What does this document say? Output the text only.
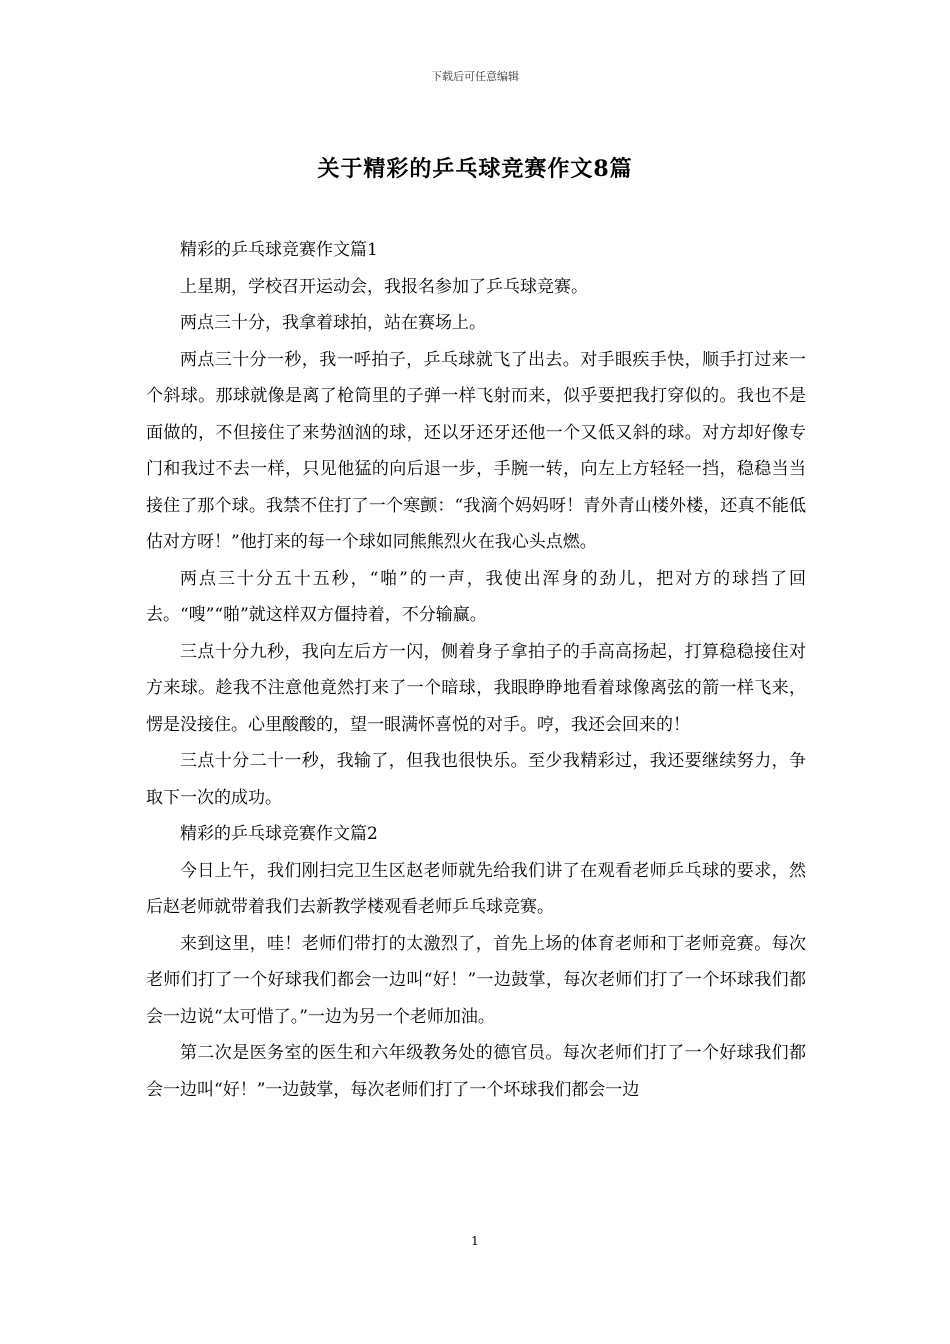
下载后可任意编辑
关于精彩的乒乓球竞赛作文8篇

精彩的乒乓球竞赛作文篇1

上星期，学校召开运动会，我报名参加了乒乓球竞赛。

两点三十分，我拿着球拍，站在赛场上。

两点三十分一秒，我一呼拍子，乒乓球就飞了出去。对手眼疾手快，顺手打过来一个斜球。那球就像是离了枪筒里的子弹一样飞射而来，似乎要把我打穿似的。我也不是面做的，不但接住了来势汹汹的球，还以牙还牙还他一个又低又斜的球。对方却好像专门和我过不去一样，只见他猛的向后退一步，手腕一转，向左上方轻轻一挡，稳稳当当接住了那个球。我禁不住打了一个寒颤：“我滴个妈妈呀！青外青山楼外楼，还真不能低估对方呀！”他打来的每一个球如同熊熊烈火在我心头点燃。

两点三十分五十五秒，“啪”的一声，我使出浑身的劲儿，把对方的球挡了回去。“嗖”“啪”就这样双方僵持着，不分输赢。

三点十分九秒，我向左后方一闪，侧着身子拿拍子的手高高扬起，打算稳稳接住对方来球。趁我不注意他竟然打来了一个暗球，我眼睁睁地看着球像离弦的箭一样飞来，愣是没接住。心里酸酸的，望一眼满怀喜悦的对手。哼，我还会回来的！

三点十分二十一秒，我输了，但我也很快乐。至少我精彩过，我还要继续努力，争取下一次的成功。

精彩的乒乓球竞赛作文篇2

今日上午，我们刚扫完卫生区赵老师就先给我们讲了在观看老师乒乓球的要求，然后赵老师就带着我们去新教学楼观看老师乒乓球竞赛。

来到这里，哇！老师们带打的太激烈了，首先上场的体育老师和丁老师竞赛。每次老师们打了一个好球我们都会一边叫“好！”一边鼓掌，每次老师们打了一个坏球我们都会一边说“太可惜了。”一边为另一个老师加油。

第二次是医务室的医生和六年级教务处的德官员。每次老师们打了一个好球我们都会一边叫“好！”一边鼓掌，每次老师们打了一个坏球我们都会一边

1
